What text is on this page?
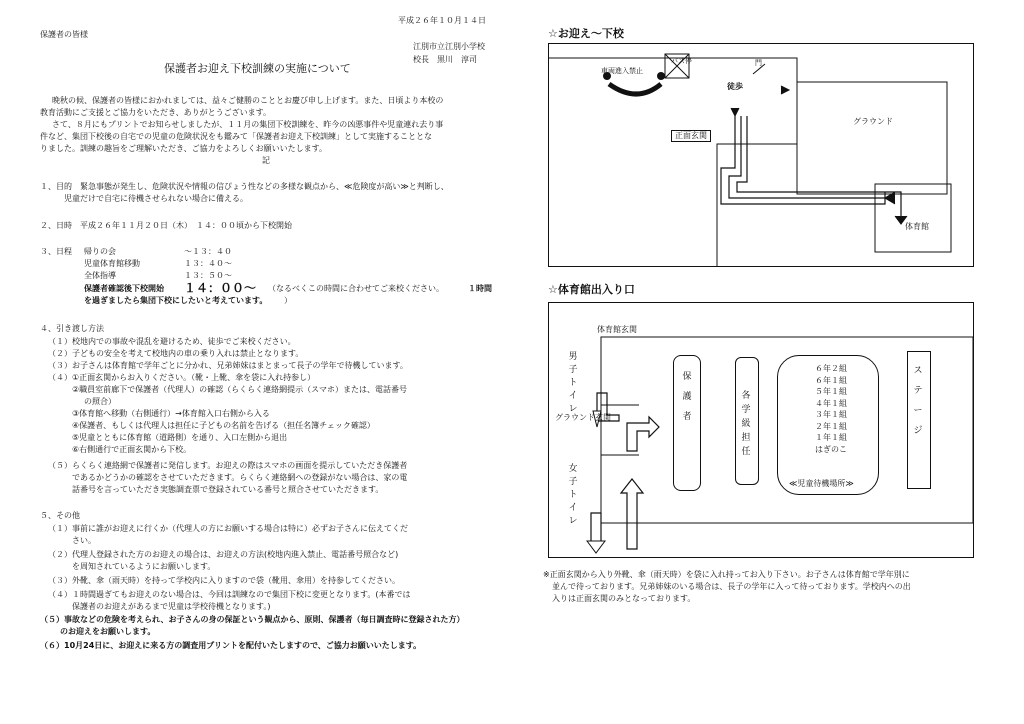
平成２６年１０月１４日
保護者の皆様
江別市立江別小学校
校長　黒川　淳司
保護者お迎え下校訓練の実施について
晩秋の候、保護者の皆様におかれましては、益々ご健勝のこととお慶び申し上げます。また、日頃より本校の
教育活動にご支援とご協力をいただき、ありがとうございます。
さて、８月にもプリントでお知らせしましたが、１１月の集団下校訓練を、昨今の凶悪事件や児童連れ去り事
件など、集団下校後の自宅での児童の危険状況をも鑑みて「保護者お迎え下校訓練」として実施することとな
りました。訓練の趣旨をご理解いただき、ご協力をよろしくお願いいたします。
記
１、目的　緊急事態が発生し、危険状況や情報の信ぴょう性などの多様な観点から、≪危険度が高い≫と判断し、
　　　児童だけで自宅に待機させられない場合に備える。
２、日時　平成２６年１１月２０日（木）　１４：００頃から下校開始
３、日程 帰りの会	～１３：４０
児童体育館移動	１３：４０～
全体指導	１３：５０～
保護者確認後下校開始 １４：００～ （なるべくこの時間に合わせてご来校ください。	１時間
を過ぎましたら集団下校にしたいと考えています。 ）
４、引き渡し方法
（１）校地内での事故や混乱を避けるため、徒歩でご来校ください。
（２）子どもの安全を考えて校地内の車の乗り入れは禁止となります。
（３）お子さんは体育館で学年ごとに分かれ、兄弟姉妹はまとまって長子の学年で待機しています。
（４）①正面玄関からお入りください。（靴・上靴、傘を袋に入れ持参し）
②職員室前廊下で保護者（代理人）の確認（らくらく連絡網提示（スマホ）または、電話番号
の照合）
③体育館へ移動（右側通行）→体育館入口右側から入る
④保護者、もしくは代理人は担任に子どもの名前を告げる（担任名簿チェック確認）
⑤児童とともに体育館（道路側）を通り、入口左側から退出
⑥右側通行で正面玄関から下校。
（５）らくらく連絡網で保護者に発信します。お迎えの際はスマホの画面を提示していただき保護者
であるかどうかの確認をさせていただきます。らくらく連絡網への登録がない場合は、家の電
話番号を言っていただき実態調査票で登録されている番号と照合させていただきます。
５、その他
（１）事前に誰がお迎えに行くか（代理人の方にお願いする場合は特に）必ずお子さんに伝えてくだ
さい。
（２）代理人登録された方のお迎えの場合は、お迎えの方法(校地内進入禁止、電話番号照合など)
を周知されているようにお願いします。
（３）外靴、傘（雨天時）を持って学校内に入りますので袋（靴用、傘用）を持参してください。
（４）１時間過ぎてもお迎えのない場合は、今回は訓練なので集団下校に変更となります。(本番では
保護者のお迎えがあるまで児童は学校待機となります。)
（５）事故などの危険を考えられ、お子さんの身の保証という観点から、原則、保護者（毎日調査時に登録された方）
のお迎えをお願いします。
（６）10月24日に、お迎えに来る方の調査用プリントを配付いたしますので、ご協力お願いいたします。
☆お迎え～下校
車両進入禁止
バス停	門
徒歩
正面玄関
グラウンド
体育館
☆体育館出入り口
体育館玄関
男子トイレ
グラウンド玄関
女子トイレ
保護者
各学級担任
６年２組
６年１組
５年１組
４年１組
３年１組
２年１組
１年１組
はぎのこ
≪児童待機場所≫
ステージ
※正面玄関から入り外靴、傘（雨天時）を袋に入れ持ってお入り下さい。お子さんは体育館で学年別に
並んで待っております。兄弟姉妹のいる場合は、長子の学年に入って待っております。学校内への出
入りは正面玄関のみとなっております。
